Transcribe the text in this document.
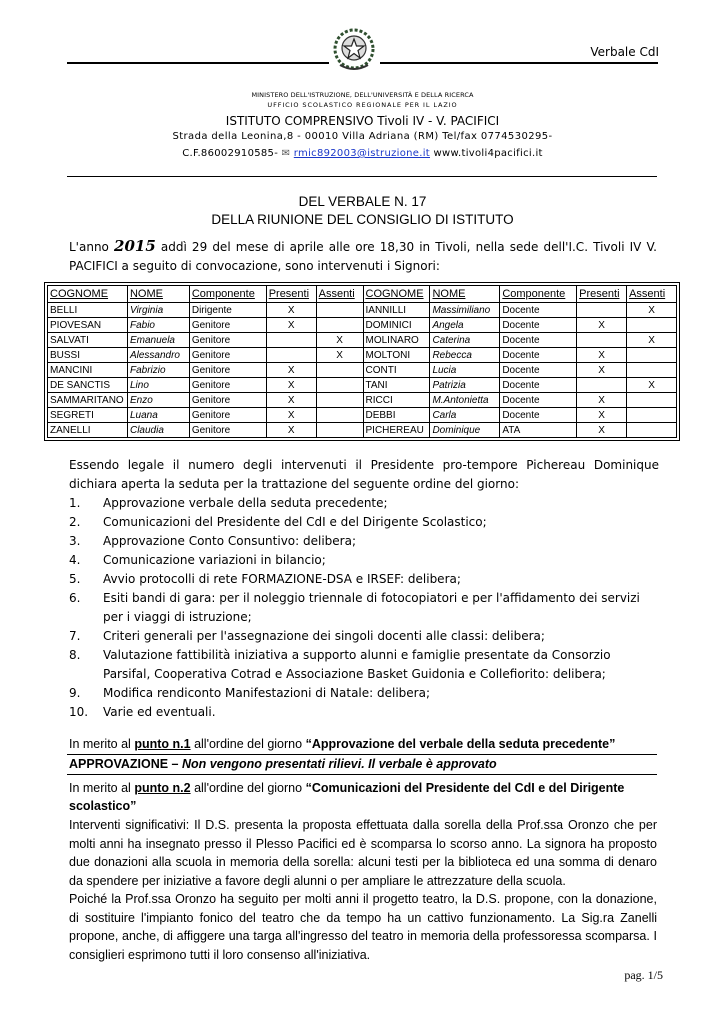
Verbale CdI
MINISTERO DELL'ISTRUZIONE, DELL'UNIVERSITÀ E DELLA RICERCA
UFFICIO SCOLASTICO REGIONALE PER IL LAZIO
ISTITUTO COMPRENSIVO Tivoli IV - V. PACIFICI
Strada della Leonina,8 - 00010 Villa Adriana (RM) Tel/fax 0774530295-
C.F.86002910585- ✉ rmic892003@istruzione.it www.tivoli4pacifici.it
DEL VERBALE N. 17
DELLA RIUNIONE DEL CONSIGLIO DI ISTITUTO
L'anno 2015 addì 29 del mese di aprile alle ore 18,30 in Tivoli, nella sede dell'I.C. Tivoli IV V. PACIFICI a seguito di convocazione, sono intervenuti i Signori:
COGNOME	NOME	Componente	Presenti	Assenti	COGNOME	NOME	Componente	Presenti	Assenti
BELLI	Virginia	Dirigente	X		IANNILLI	Massimiliano	Docente		X
PIOVESAN	Fabio	Genitore	X		DOMINICI	Angela	Docente	X	
SALVATI	Emanuela	Genitore		X	MOLINARO	Caterina	Docente		X
BUSSI	Alessandro	Genitore		X	MOLTONI	Rebecca	Docente	X	
MANCINI	Fabrizio	Genitore	X		CONTI	Lucia	Docente	X	
DE SANCTIS	Lino	Genitore	X		TANI	Patrizia	Docente		X
SAMMARITANO	Enzo	Genitore	X		RICCI	M.Antonietta	Docente	X	
SEGRETI	Luana	Genitore	X		DEBBI	Carla	Docente	X	
ZANELLI	Claudia	Genitore	X		PICHEREAU	Dominique	ATA	X	
Essendo legale il numero degli intervenuti il Presidente pro-tempore Pichereau Dominique dichiara aperta la seduta per la trattazione del seguente ordine del giorno:
1. Approvazione verbale della seduta precedente;
2. Comunicazioni del Presidente del CdI e del Dirigente Scolastico;
3. Approvazione Conto Consuntivo: delibera;
4. Comunicazione variazioni in bilancio;
5. Avvio protocolli di rete FORMAZIONE-DSA e IRSEF: delibera;
6. Esiti bandi di gara: per il noleggio triennale di fotocopiatori e per l'affidamento dei servizi per i viaggi di istruzione;
7. Criteri generali per l'assegnazione dei singoli docenti alle classi: delibera;
8. Valutazione fattibilità iniziativa a supporto alunni e famiglie presentate da Consorzio Parsifal, Cooperativa Cotrad e Associazione Basket Guidonia e Collefiorito: delibera;
9. Modifica rendiconto Manifestazioni di Natale: delibera;
10. Varie ed eventuali.
In merito al punto n.1 all'ordine del giorno “Approvazione del verbale della seduta precedente”
APPROVAZIONE – Non vengono presentati rilievi. Il verbale è approvato
In merito al punto n.2 all'ordine del giorno “Comunicazioni del Presidente del CdI e del Dirigente scolastico”
Interventi significativi: Il D.S. presenta la proposta effettuata dalla sorella della Prof.ssa Oronzo che per molti anni ha insegnato presso il Plesso Pacifici ed è scomparsa lo scorso anno. La signora ha proposto due donazioni alla scuola in memoria della sorella: alcuni testi per la biblioteca ed una somma di denaro da spendere per iniziative a favore degli alunni o per ampliare le attrezzature della scuola.
Poiché la Prof.ssa Oronzo ha seguito per molti anni il progetto teatro, la D.S. propone, con la donazione, di sostituire l'impianto fonico del teatro che da tempo ha un cattivo funzionamento. La Sig.ra Zanelli propone, anche, di affiggere una targa all'ingresso del teatro in memoria della professoressa scomparsa. I consiglieri esprimono tutti il loro consenso all'iniziativa.
pag. 1/5
